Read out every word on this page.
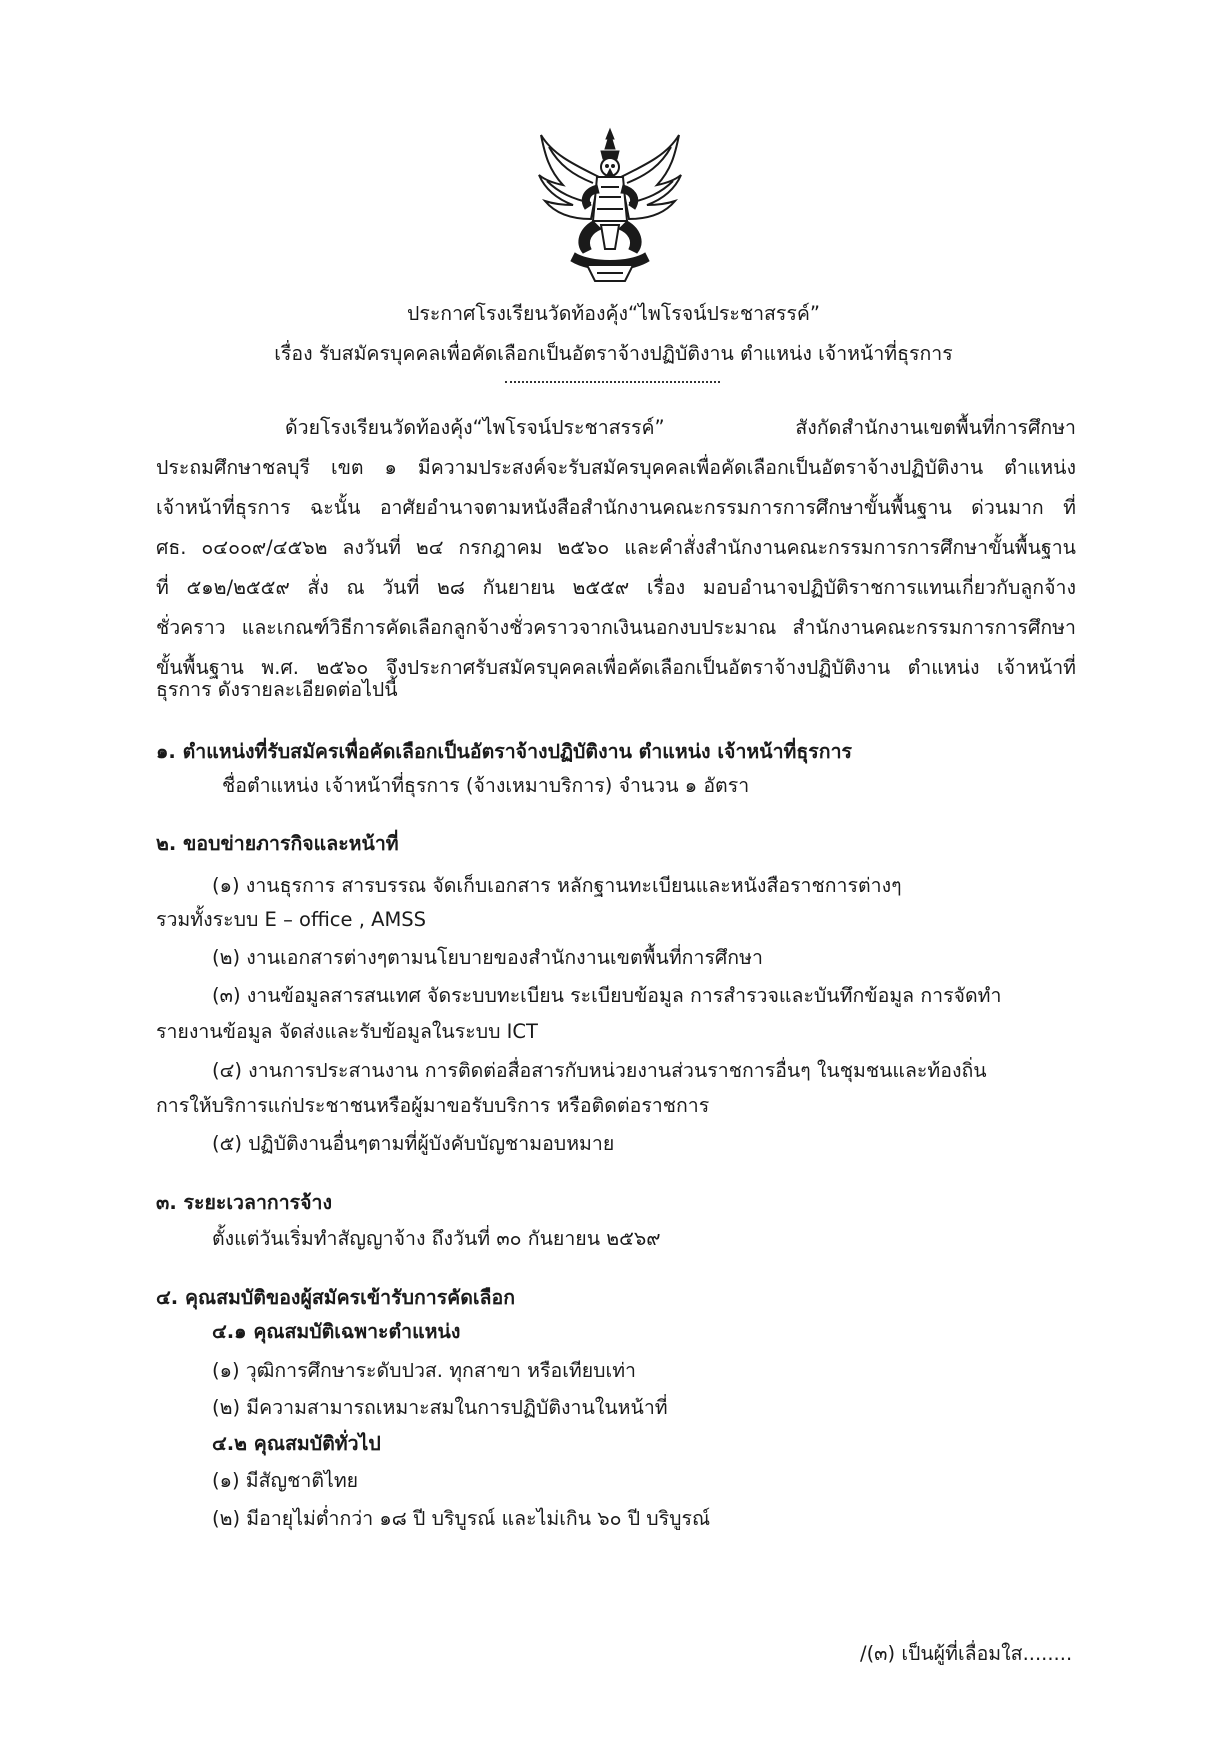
ประกาศโรงเรียนวัดท้องคุ้ง“ไพโรจน์ประชาสรรค์”
เรื่อง รับสมัครบุคคลเพื่อคัดเลือกเป็นอัตราจ้างปฏิบัติงาน ตำแหน่ง เจ้าหน้าที่ธุรการ
ด้วยโรงเรียนวัดท้องคุ้ง“ไพโรจน์ประชาสรรค์” สังกัดสำนักงานเขตพื้นที่การศึกษา
ประถมศึกษาชลบุรี เขต ๑ มีความประสงค์จะรับสมัครบุคคลเพื่อคัดเลือกเป็นอัตราจ้างปฏิบัติงาน ตำแหน่ง
เจ้าหน้าที่ธุรการ ฉะนั้น อาศัยอำนาจตามหนังสือสำนักงานคณะกรรมการการศึกษาขั้นพื้นฐาน ด่วนมาก ที่
ศธ. ๐๔๐๐๙/๔๕๖๒ ลงวันที่ ๒๔ กรกฎาคม ๒๕๖๐ และคำสั่งสำนักงานคณะกรรมการการศึกษาขั้นพื้นฐาน
ที่ ๕๑๒/๒๕๕๙ สั่ง ณ วันที่ ๒๘ กันยายน ๒๕๕๙ เรื่อง มอบอำนาจปฏิบัติราชการแทนเกี่ยวกับลูกจ้าง
ชั่วคราว และเกณฑ์วิธีการคัดเลือกลูกจ้างชั่วคราวจากเงินนอกงบประมาณ สำนักงานคณะกรรมการการศึกษา
ขั้นพื้นฐาน พ.ศ. ๒๕๖๐ จึงประกาศรับสมัครบุคคลเพื่อคัดเลือกเป็นอัตราจ้างปฏิบัติงาน ตำแหน่ง เจ้าหน้าที่
ธุรการ ดังรายละเอียดต่อไปนี้
๑. ตำแหน่งที่รับสมัครเพื่อคัดเลือกเป็นอัตราจ้างปฏิบัติงาน ตำแหน่ง เจ้าหน้าที่ธุรการ
ชื่อตำแหน่ง เจ้าหน้าที่ธุรการ (จ้างเหมาบริการ) จำนวน ๑ อัตรา
๒. ขอบข่ายภารกิจและหน้าที่
(๑) งานธุรการ สารบรรณ จัดเก็บเอกสาร หลักฐานทะเบียนและหนังสือราชการต่างๆ
รวมทั้งระบบ E – office , AMSS
(๒) งานเอกสารต่างๆตามนโยบายของสำนักงานเขตพื้นที่การศึกษา
(๓) งานข้อมูลสารสนเทศ จัดระบบทะเบียน ระเบียบข้อมูล การสำรวจและบันทึกข้อมูล การจัดทำ
รายงานข้อมูล จัดส่งและรับข้อมูลในระบบ ICT
(๔) งานการประสานงาน การติดต่อสื่อสารกับหน่วยงานส่วนราชการอื่นๆ ในชุมชนและท้องถิ่น
การให้บริการแก่ประชาชนหรือผู้มาขอรับบริการ หรือติดต่อราชการ
(๕) ปฏิบัติงานอื่นๆตามที่ผู้บังคับบัญชามอบหมาย
๓. ระยะเวลาการจ้าง
ตั้งแต่วันเริ่มทำสัญญาจ้าง ถึงวันที่ ๓๐ กันยายน ๒๕๖๙
๔. คุณสมบัติของผู้สมัครเข้ารับการคัดเลือก
๔.๑ คุณสมบัติเฉพาะตำแหน่ง
(๑) วุฒิการศึกษาระดับปวส. ทุกสาขา หรือเทียบเท่า
(๒) มีความสามารถเหมาะสมในการปฏิบัติงานในหน้าที่
๔.๒ คุณสมบัติทั่วไป
(๑) มีสัญชาติไทย
(๒) มีอายุไม่ต่ำกว่า ๑๘ ปี บริบูรณ์ และไม่เกิน ๖๐ ปี บริบูรณ์
/(๓) เป็นผู้ที่เลื่อมใส........
